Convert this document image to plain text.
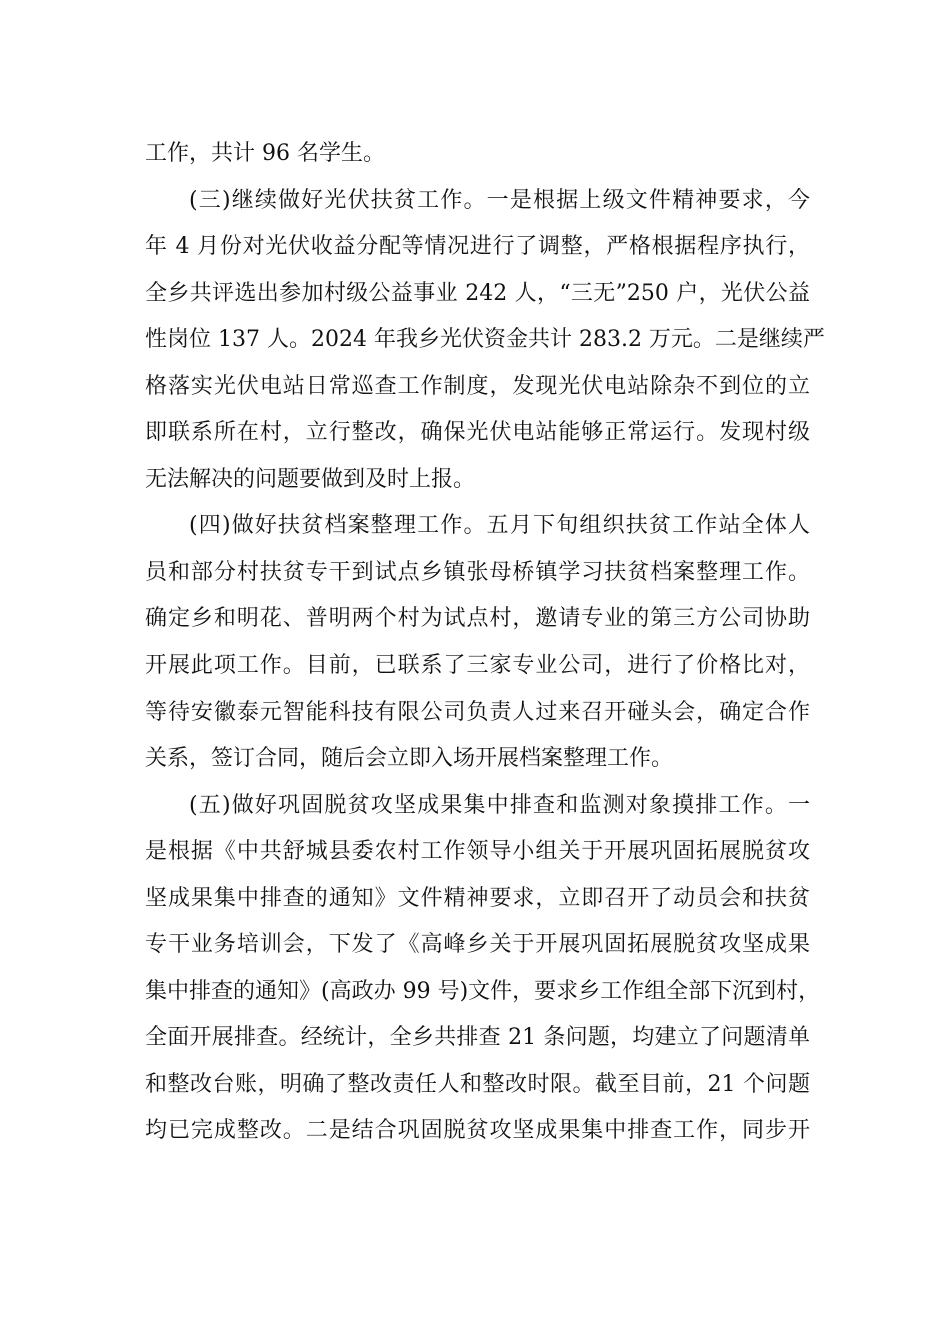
工作，共计 96 名学生。
(三)继续做好光伏扶贫工作。一是根据上级文件精神要求，今
年 4 月份对光伏收益分配等情况进行了调整，严格根据程序执行，
全乡共评选出参加村级公益事业 242 人，“三无”250 户，光伏公益
性岗位 137 人。2024 年我乡光伏资金共计 283.2 万元。二是继续严
格落实光伏电站日常巡查工作制度，发现光伏电站除杂不到位的立
即联系所在村，立行整改，确保光伏电站能够正常运行。发现村级
无法解决的问题要做到及时上报。
(四)做好扶贫档案整理工作。五月下旬组织扶贫工作站全体人
员和部分村扶贫专干到试点乡镇张母桥镇学习扶贫档案整理工作。
确定乡和明花、普明两个村为试点村，邀请专业的第三方公司协助
开展此项工作。目前，已联系了三家专业公司，进行了价格比对，
等待安徽泰元智能科技有限公司负责人过来召开碰头会，确定合作
关系，签订合同，随后会立即入场开展档案整理工作。
(五)做好巩固脱贫攻坚成果集中排查和监测对象摸排工作。一
是根据《中共舒城县委农村工作领导小组关于开展巩固拓展脱贫攻
坚成果集中排查的通知》文件精神要求，立即召开了动员会和扶贫
专干业务培训会，下发了《高峰乡关于开展巩固拓展脱贫攻坚成果
集中排查的通知》(高政办 99 号)文件，要求乡工作组全部下沉到村，
全面开展排查。经统计，全乡共排查 21 条问题，均建立了问题清单
和整改台账，明确了整改责任人和整改时限。截至目前，21 个问题
均已完成整改。二是结合巩固脱贫攻坚成果集中排查工作，同步开
